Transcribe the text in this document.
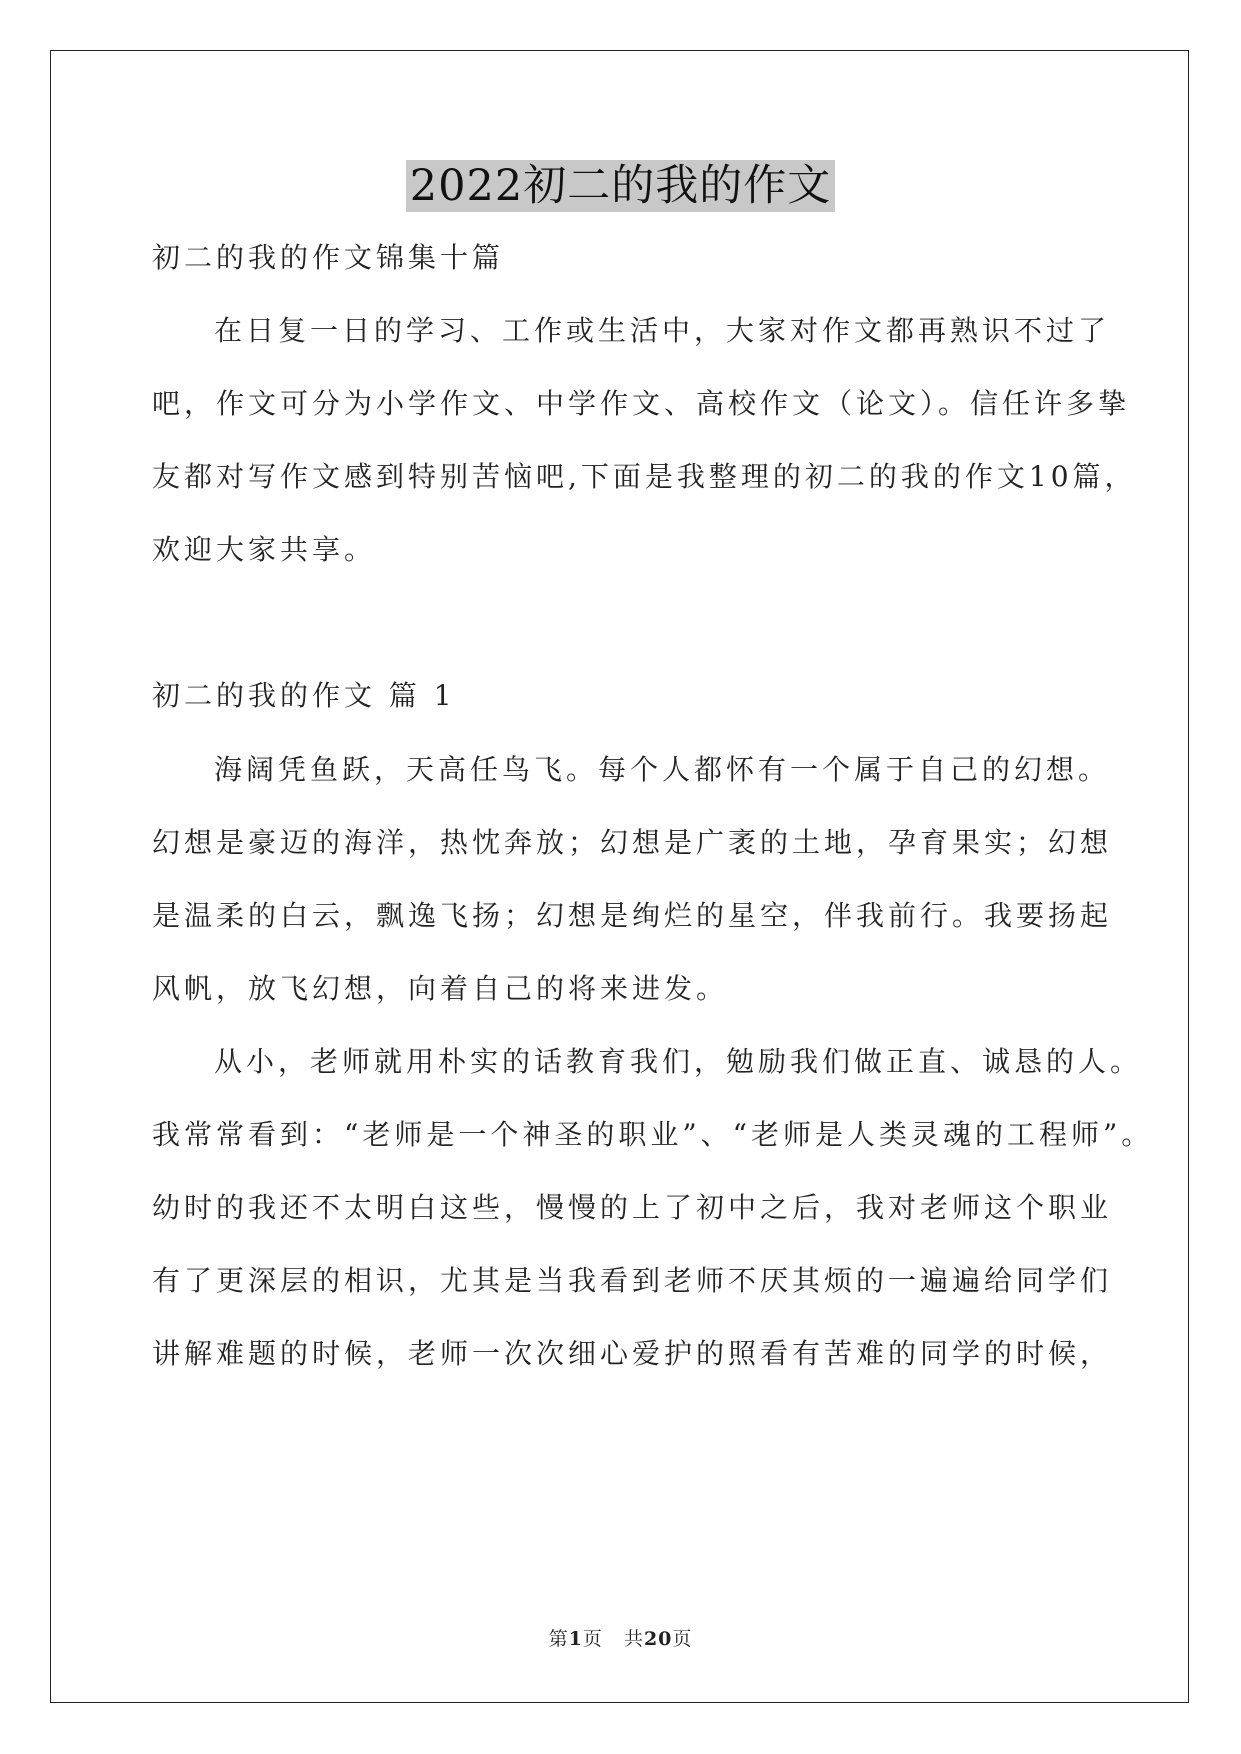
2022初二的我的作文
初二的我的作文锦集十篇
在日复一日的学习、工作或生活中，大家对作文都再熟识不过了
吧，作文可分为小学作文、中学作文、高校作文（论文）。信任许多挚
友都对写作文感到特别苦恼吧,下面是我整理的初二的我的作文10篇，
欢迎大家共享。
初二的我的作文 篇 1
海阔凭鱼跃，天高任鸟飞。每个人都怀有一个属于自己的幻想。
幻想是豪迈的海洋，热忱奔放；幻想是广袤的土地，孕育果实；幻想
是温柔的白云，飘逸飞扬；幻想是绚烂的星空，伴我前行。我要扬起
风帆，放飞幻想，向着自己的将来进发。
从小，老师就用朴实的话教育我们，勉励我们做正直、诚恳的人。
我常常看到：“老师是一个神圣的职业”、“老师是人类灵魂的工程师”。
幼时的我还不太明白这些，慢慢的上了初中之后，我对老师这个职业
有了更深层的相识，尤其是当我看到老师不厌其烦的一遍遍给同学们
讲解难题的时候，老师一次次细心爱护的照看有苦难的同学的时候，
第1页   共20页
